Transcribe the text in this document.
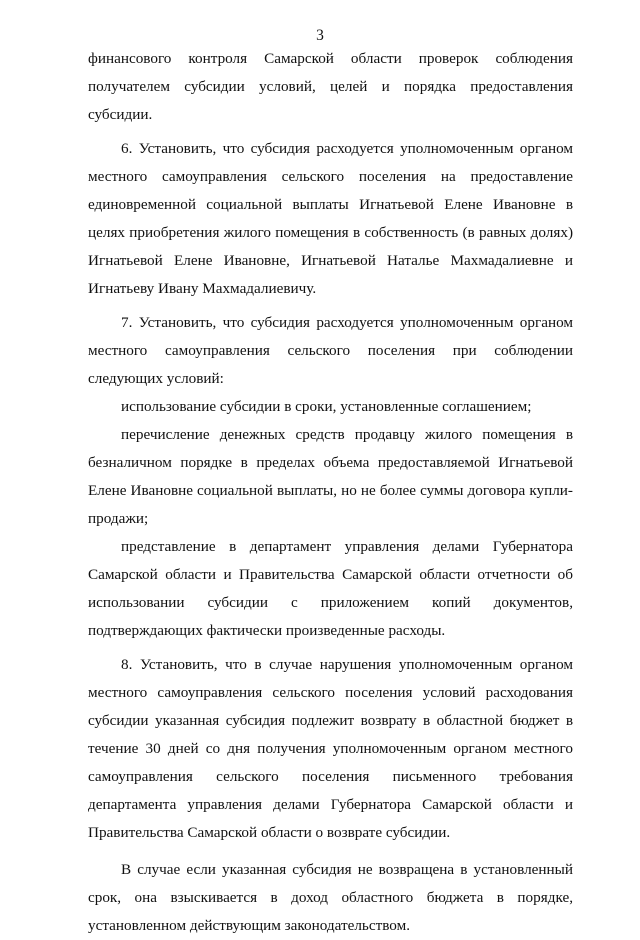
3

финансового контроля Самарской области проверок соблюдения получателем субсидии условий, целей и порядка предоставления субсидии.

6. Установить, что субсидия расходуется уполномоченным органом местного самоуправления сельского поселения на предоставление единовременной социальной выплаты Игнатьевой Елене Ивановне в целях приобретения жилого помещения в собственность (в равных долях) Игнатьевой Елене Ивановне, Игнатьевой Наталье Махмадалиевне и Игнатьеву Ивану Махмадалиевичу.

7. Установить, что субсидия расходуется уполномоченным органом местного самоуправления сельского поселения при соблюдении следующих условий:

использование субсидии в сроки, установленные соглашением;

перечисление денежных средств продавцу жилого помещения в безналичном порядке в пределах объема предоставляемой Игнатьевой Елене Ивановне социальной выплаты, но не более суммы договора купли-продажи;

представление в департамент управления делами Губернатора Самарской области и Правительства Самарской области отчетности об использовании субсидии с приложением копий документов, подтверждающих фактически произведенные расходы.

8. Установить, что в случае нарушения уполномоченным органом местного самоуправления сельского поселения условий расходования субсидии указанная субсидия подлежит возврату в областной бюджет в течение 30 дней со дня получения уполномоченным органом местного самоуправления сельского поселения письменного требования департамента управления делами Губернатора Самарской области и Правительства Самарской области о возврате субсидии.

В случае если указанная субсидия не возвращена в установленный срок, она взыскивается в доход областного бюджета в порядке, установленном действующим законодательством.
